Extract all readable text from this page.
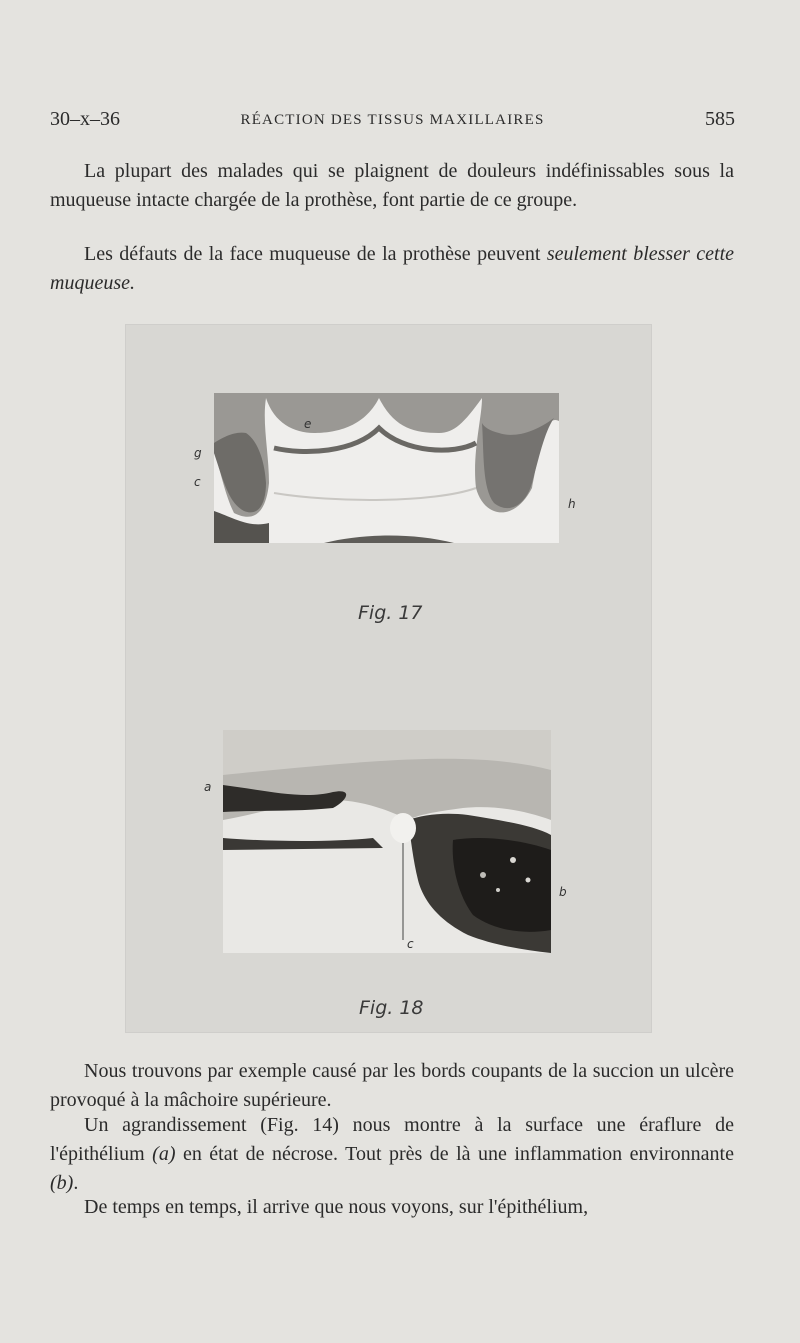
30–x–36	RÉACTION DES TISSUS MAXILLAIRES	585

La plupart des malades qui se plaignent de douleurs indéfinissables sous la muqueuse intacte chargée de la prothèse, font partie de ce groupe.

Les défauts de la face muqueuse de la prothèse peuvent seulement blesser cette muqueuse.

g
c
e
h
Fig. 17
a
b
c
Fig. 18

Nous trouvons par exemple causé par les bords coupants de la succion un ulcère provoqué à la mâchoire supérieure.

Un agrandissement (Fig. 14) nous montre à la surface une éraflure de l'épithélium (a) en état de nécrose. Tout près de là une inflammation environnante (b).

De temps en temps, il arrive que nous voyons, sur l'épithélium,
